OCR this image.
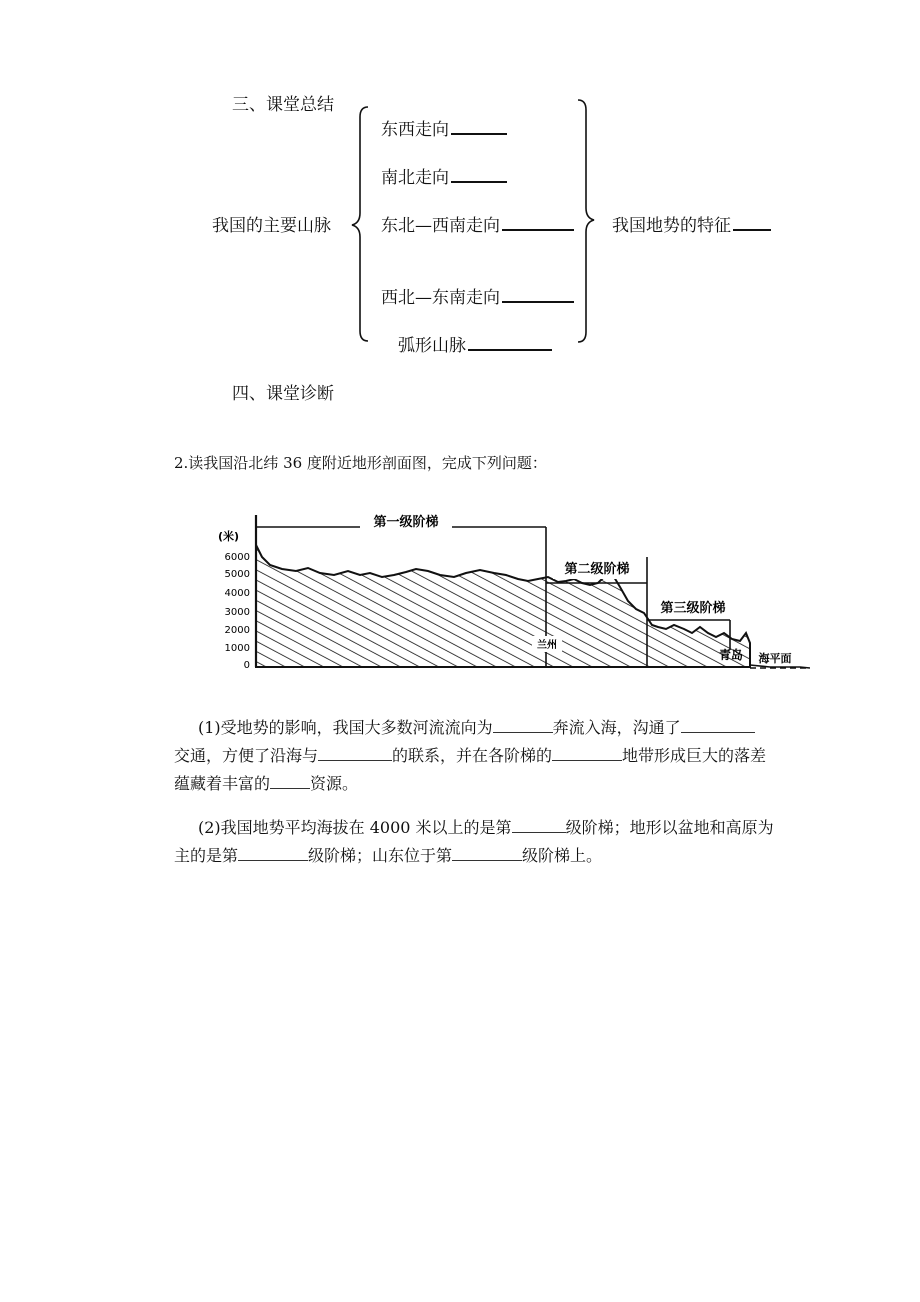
三、课堂总结
我国的主要山脉
东西走向
南北走向
东北—西南走向
西北—东南走向
弧形山脉
我国地势的特征
四、课堂诊断
2.读我国沿北纬 36 度附近地形剖面图，完成下列问题：
(米)
6000
5000
4000
3000
2000
1000
0
第一级阶梯
第二级阶梯
第三级阶梯
兰州
青岛 海平面
(1)受地势的影响，我国大多数河流流向为	奔流入海，沟通了
交通，方便了沿海与	的联系，并在各阶梯的	地带形成巨大的落差
蕴藏着丰富的	资源。
(2)我国地势平均海拔在 4000 米以上的是第	级阶梯；地形以盆地和高原为
主的是第	级阶梯；山东位于第	级阶梯上。
